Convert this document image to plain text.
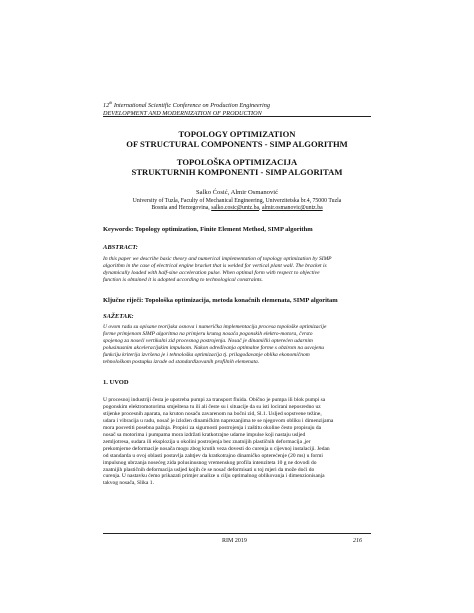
12th International Scientific Conference on Production Engineering
DEVELOPMENT AND MODERNIZATION OF PRODUCTION
TOPOLOGY OPTIMIZATION
OF STRUCTURAL COMPONENTS - SIMP ALGORITHM
TOPOLOŠKA OPTIMIZACIJA
STRUKTURNIH KOMPONENTI - SIMP ALGORITAM
Salko Ćosić, Almir Osmanović
University of Tuzla, Faculty of Mechanical Engineering, Univerzitetska br.4, 75000 Tuzla
Bosnia and Herzegovina, salko.cosic@untz.ba, almir.osmanovic@untz.ba
Keywords: Topology optimization, Finite Element Method, SIMP algorithm
ABSTRACT:
In this paper we describe basic theory and numerical implementation of topology optimization by SIMP
algorithm in the case of electrical engine bracket that is welded for vertical plant wall. The bracket is
dynamically loaded with half-sine acceleration pulse. When optimal form with respect to objective
function is obtained it is adopted according to technological constraints.
Ključne riječi: Topološka optimizacija, metoda konačnih elemenata, SIMP algoritam
SAŽETAK:
U ovom radu su opisane teorijska osnova i numerička implementacija procesa topološke optimizacije
forme primjenom SIMP algoritma na primjeru krutog nosača pogonskih elektro-motora, čvrsto
spojenog za noseći vertikalni zid procesnog postrojenja. Nosač je dinamički opterećen udarnim
polusinusnim akceleracijskim impulsom. Nakon određivanja optimalne forme s obzirom na usvojenu
funkciju kriterija izvršena je i tehnološka optimizacija tj. prilagođavanje oblika ekonomičnom
tehnološkom postupku izrade od standardizovanih profilnih elemenata.
1. UVOD
U procesnoj industriji česta je upotreba pumpi za transport fluida. Obično je pumpa ili blok pumpi sa
pogonskim elektromotorima smještena tu ili ali česte su i situacije da su isti locirani neposredno uz
stijenke procesnih aparata, na kruton nosaču zavarenom na bočni zid, Sl.1. Usljed sopstvene težine,
udara i vibracija u radu, nosač je izložen dinamičkim naprezanjima te se njegovom obliku i dimenzijama
mora posvetiti posebna pažnja. Propisi za sigurnosti postrojenja i zaštitu okoline često propisuju da
nosač sa motorima i pumpama mora izdržati kratkotrajne udarne impulse koji nastaju usljed
zemljotresa, sudara ili eksplozija u okolini postrojenja bez znatnijih plastičnih deformacija ,jer
prekomjerne deformacije nosača mogu zbog krutih veza dovesti do curenja u cijevnoj instalaciji. Jedan
od standarda u ovoj oblasti postavlja zahtjev da kratkotrajno dinamičko opterećenje (20 ms) u formi
impulsnog ubrzanja nosećeg zida polusinusnog vremenskog profila intenziteta 10 g ne dovodi do
znatnijih plastičnih deformacija usljed kojih će se nosač deformisati u toj mjeri da može doći do
curenja. U nastavku ćemo prikazati primjer analize u cilju optimalnog oblikovanja i dimenzionisanja
takvog nosača, Slika 1.
RIM 2019	216
